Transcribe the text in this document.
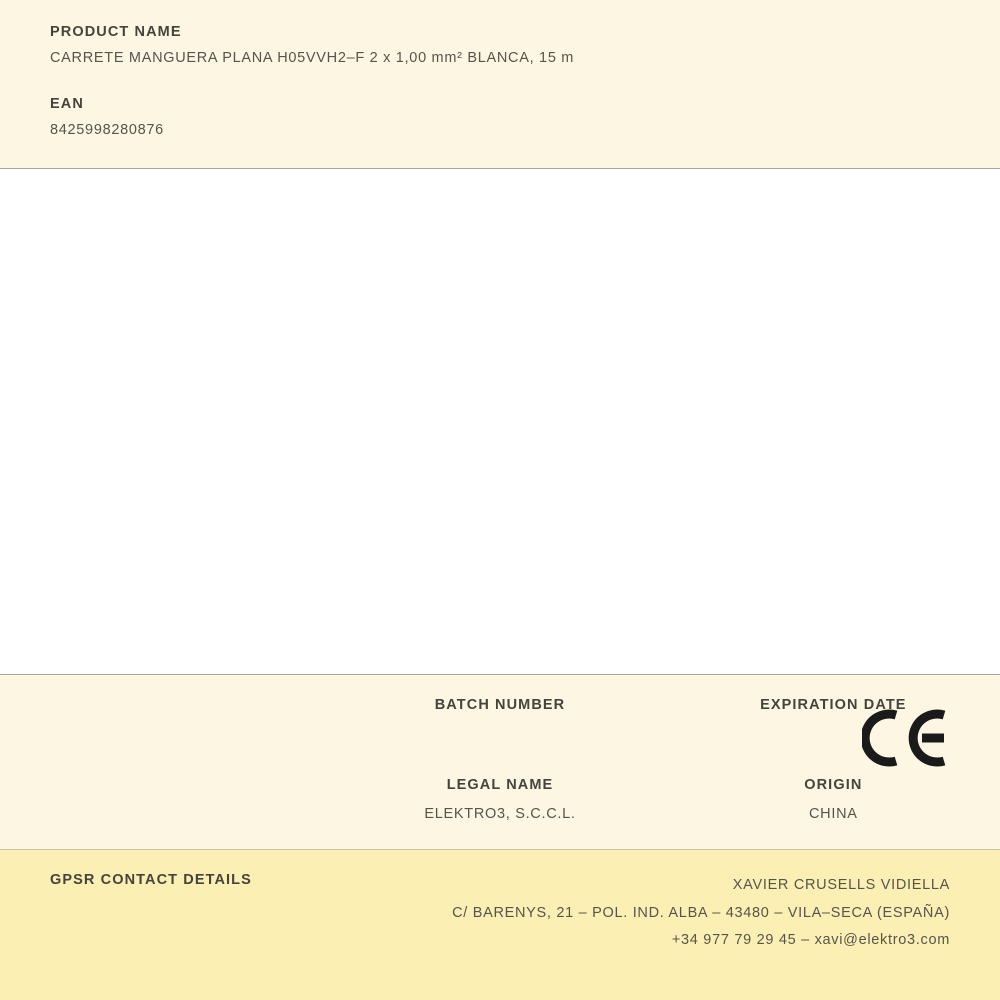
PRODUCT NAME
CARRETE MANGUERA PLANA H05VVH2–F 2 x 1,00 mm² BLANCA, 15 m
EAN
8425998280876
BATCH NUMBER	EXPIRATION DATE
LEGAL NAME
ELEKTRO3, S.C.C.L.
ORIGIN
CHINA
GPSR CONTACT DETAILS	XAVIER CRUSELLS VIDIELLA
C/ BARENYS, 21 – POL. IND. ALBA – 43480 – VILA–SECA (ESPAÑA)
+34 977 79 29 45 – xavi@elektro3.com
